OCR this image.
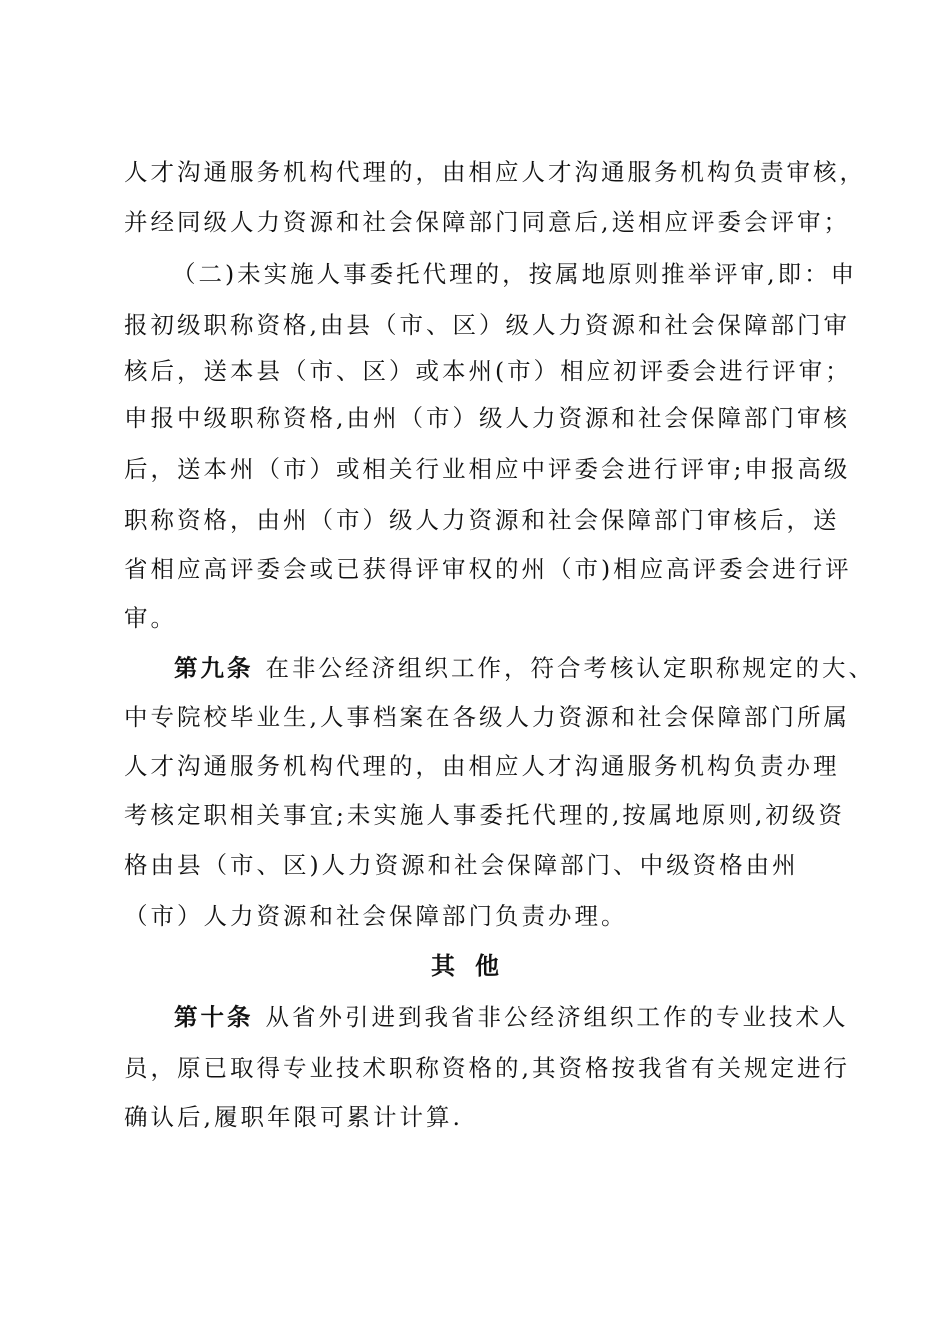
人才沟通服务机构代理的，由相应人才沟通服务机构负责审核，
并经同级人力资源和社会保障部门同意后,送相应评委会评审；
（二)未实施人事委托代理的，按属地原则推举评审,即：申
报初级职称资格,由县（市、区）级人力资源和社会保障部门审
核后，送本县（市、区）或本州(市）相应初评委会进行评审；
申报中级职称资格,由州（市）级人力资源和社会保障部门审核
后，送本州（市）或相关行业相应中评委会进行评审;申报高级
职称资格，由州（市）级人力资源和社会保障部门审核后，送
省相应高评委会或已获得评审权的州（市)相应高评委会进行评
审。
第九条 在非公经济组织工作，符合考核认定职称规定的大、
中专院校毕业生,人事档案在各级人力资源和社会保障部门所属
人才沟通服务机构代理的，由相应人才沟通服务机构负责办理
考核定职相关事宜;未实施人事委托代理的,按属地原则,初级资
格由县（市、区)人力资源和社会保障部门、中级资格由州
（市）人力资源和社会保障部门负责办理。
其他
第十条 从省外引进到我省非公经济组织工作的专业技术人
员，原已取得专业技术职称资格的,其资格按我省有关规定进行
确认后,履职年限可累计计算.
